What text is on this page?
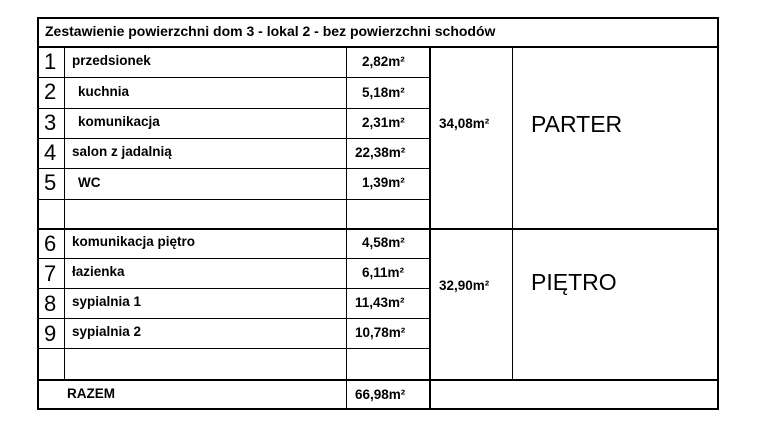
Zestawienie powierzchni dom 3 - lokal 2 - bez powierzchni schodów
1 przedsionek	2,82m²
2 kuchnia	5,18m²
3 komunikacja	2,31m²
4 salon z jadalnią	22,38m²
5 WC	1,39m²
34,08m² PARTER
6 komunikacja piętro	4,58m²
7 łazienka	6,11m²
8 sypialnia 1	11,43m²
9 sypialnia 2	10,78m²
32,90m² PIĘTRO
RAZEM	66,98m²
